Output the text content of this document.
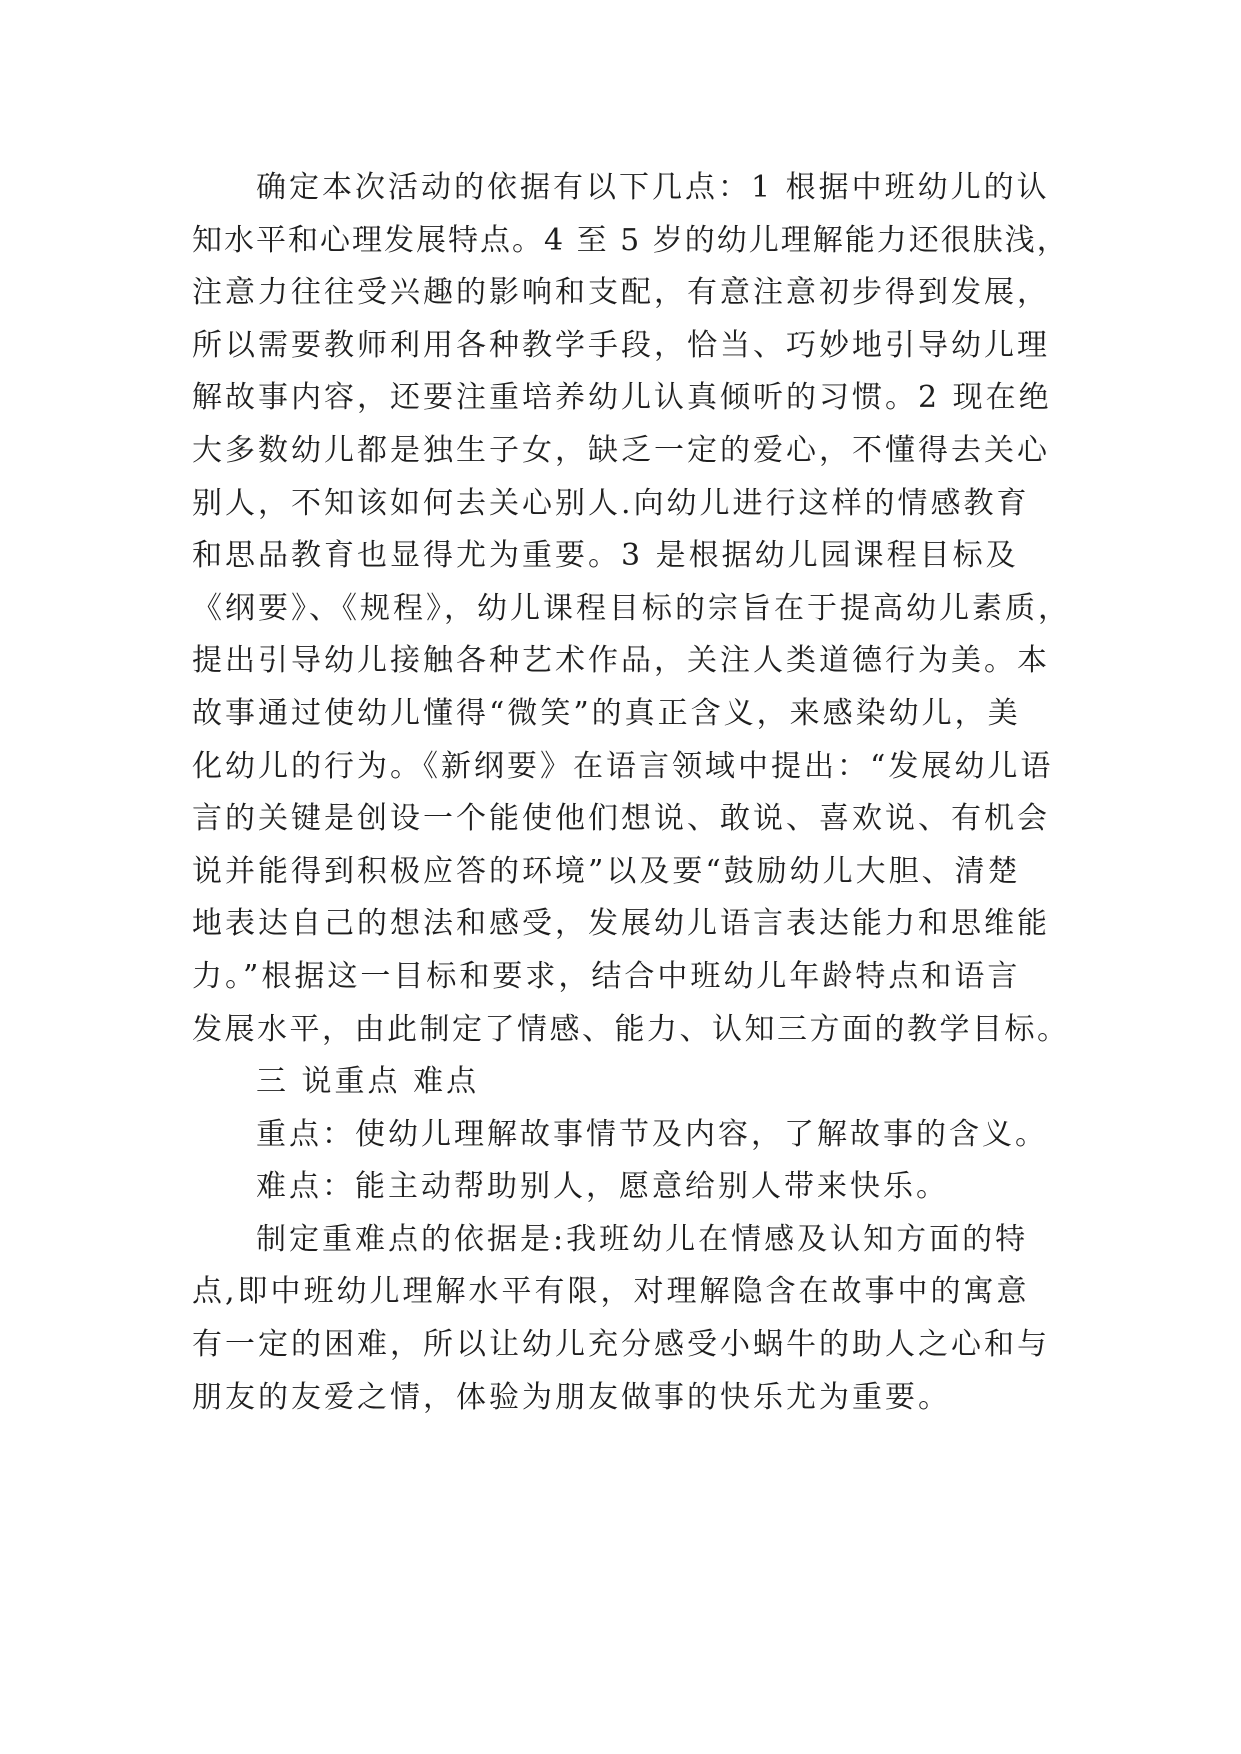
确定本次活动的依据有以下几点：1 根据中班幼儿的认
知水平和心理发展特点。4 至 5 岁的幼儿理解能力还很肤浅，
注意力往往受兴趣的影响和支配，有意注意初步得到发展，
所以需要教师利用各种教学手段，恰当、巧妙地引导幼儿理
解故事内容，还要注重培养幼儿认真倾听的习惯。2 现在绝
大多数幼儿都是独生子女，缺乏一定的爱心，不懂得去关心
别人，不知该如何去关心别人.向幼儿进行这样的情感教育
和思品教育也显得尤为重要。3 是根据幼儿园课程目标及
《纲要》、《规程》，幼儿课程目标的宗旨在于提高幼儿素质，
提出引导幼儿接触各种艺术作品，关注人类道德行为美。本
故事通过使幼儿懂得“微笑”的真正含义，来感染幼儿，美
化幼儿的行为。《新纲要》在语言领域中提出：“发展幼儿语
言的关键是创设一个能使他们想说、敢说、喜欢说、有机会
说并能得到积极应答的环境”以及要“鼓励幼儿大胆、清楚
地表达自己的想法和感受，发展幼儿语言表达能力和思维能
力。”根据这一目标和要求，结合中班幼儿年龄特点和语言
发展水平，由此制定了情感、能力、认知三方面的教学目标。
三 说重点 难点
重点：使幼儿理解故事情节及内容，了解故事的含义。
难点：能主动帮助别人，愿意给别人带来快乐。
制定重难点的依据是:我班幼儿在情感及认知方面的特
点,即中班幼儿理解水平有限，对理解隐含在故事中的寓意
有一定的困难，所以让幼儿充分感受小蜗牛的助人之心和与
朋友的友爱之情，体验为朋友做事的快乐尤为重要。
